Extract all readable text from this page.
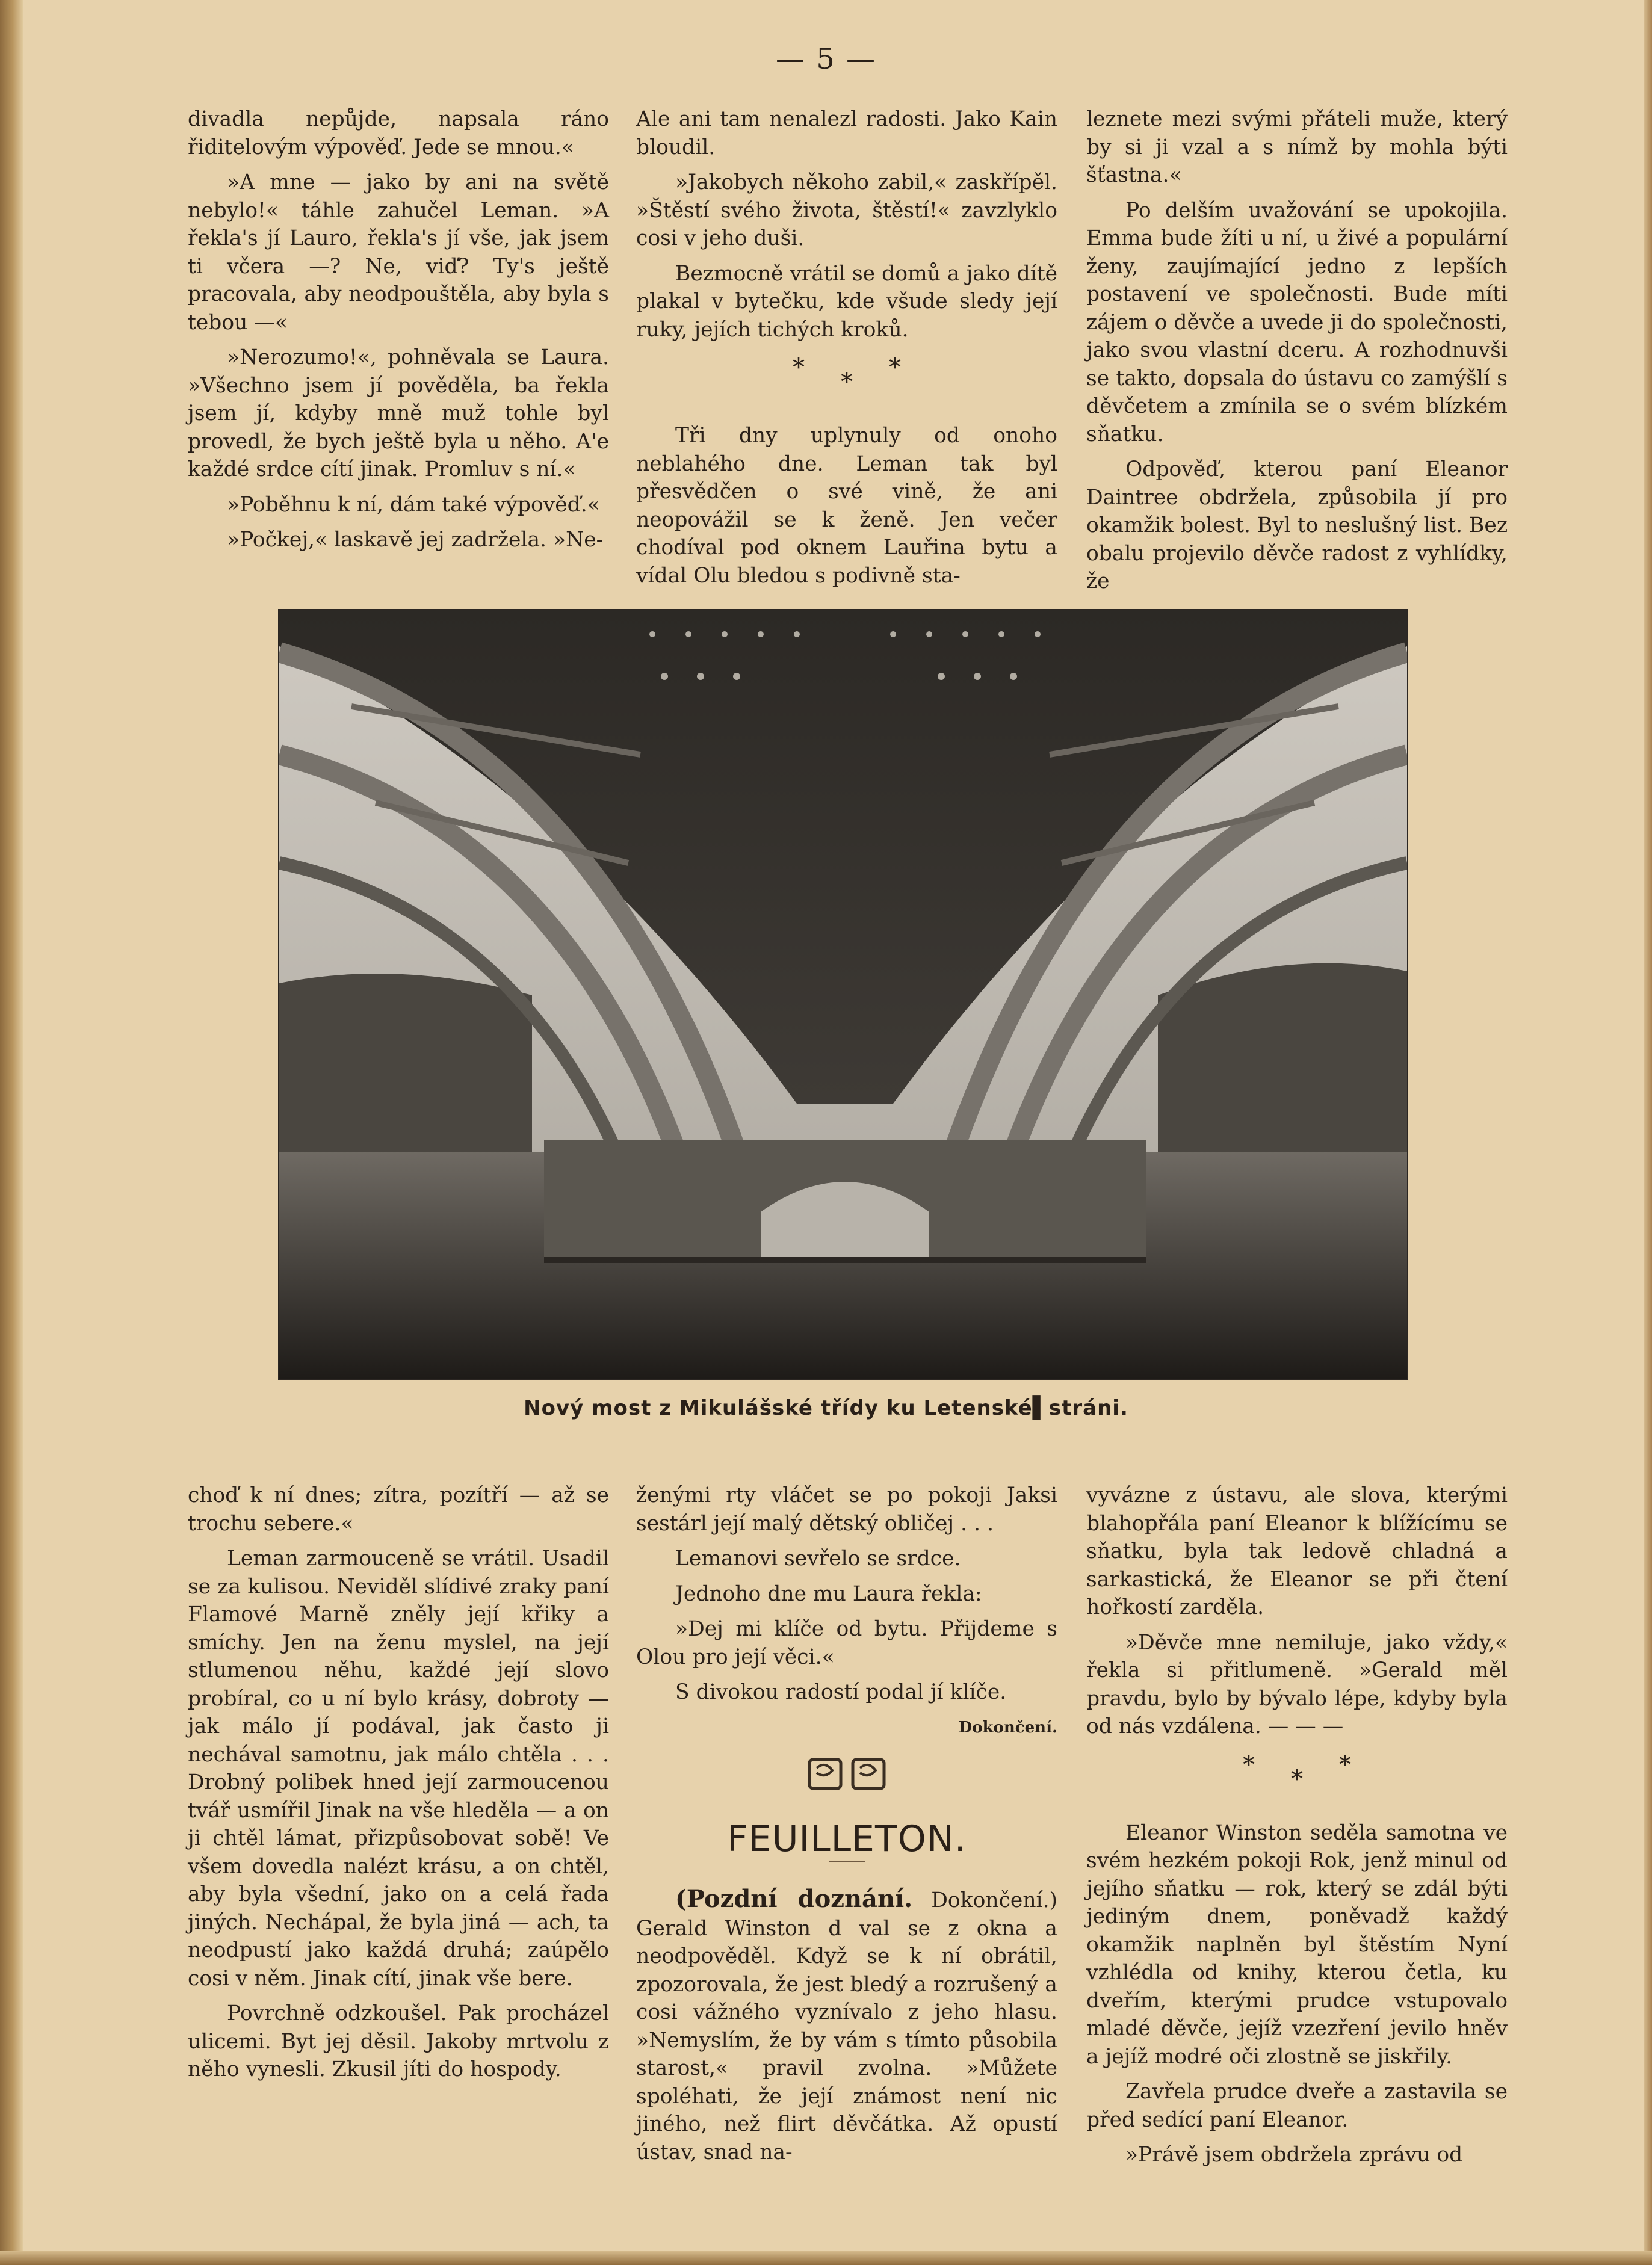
— 5 —

divadla nepůjde, napsala ráno řiditelovým výpověď. Jede se mnou.«

»A mne — jako by ani na světě nebylo!« táhle zahučel Leman. »A řekla's jí Lauro, řekla's jí vše, jak jsem ti včera —? Ne, viď? Ty's ještě pracovala, aby neodpouštěla, aby byla s tebou —«

»Nerozumo!«, pohněvala se Laura. »Všechno jsem jí pověděla, ba řekla jsem jí, kdyby mně muž tohle byl provedl, že bych ještě byla u něho. A'e každé srdce cítí jinak. Promluv s ní.«

»Poběhnu k ní, dám také výpověď.«

»Počkej,« laskavě jej zadržela. »Ne-

Ale ani tam nenalezl radosti. Jako Kain bloudil.

»Jakobych někoho zabil,« zaskřípěl. »Štěstí svého života, štěstí!« zavzlyklo cosi v jeho duši.

Bezmocně vrátil se domů a jako dítě plakal v bytečku, kde všude sledy její ruky, jejích tichých kroků.

***

Tři dny uplynuly od onoho neblahého dne. Leman tak byl přesvědčen o své vině, že ani neopovážil se k ženě. Jen večer chodíval pod oknem Lauřina bytu a vídal Olu bledou s podivně sta-

leznete mezi svými přáteli muže, který by si ji vzal a s nímž by mohla býti šťastna.«

Po delším uvažování se upokojila. Emma bude žíti u ní, u živé a populární ženy, zaujímající jedno z lepších postavení ve společnosti. Bude míti zájem o děvče a uvede ji do společnosti, jako svou vlastní dceru. A rozhodnuvši se takto, dopsala do ústavu co zamýšlí s děvčetem a zmínila se o svém blízkém sňatku.

Odpověď, kterou paní Eleanor Daintree obdržela, způsobila jí pro okamžik bolest. Byl to neslušný list. Bez obalu projevilo děvče radost z vyhlídky, že

Nový most z Mikulášské třídy ku Letenské▌stráni.

choď k ní dnes; zítra, pozítří — až se trochu sebere.«

Leman zarmouceně se vrátil. Usadil se za kulisou. Neviděl slídivé zraky paní Flamové Marně zněly její křiky a smíchy. Jen na ženu myslel, na její stlumenou něhu, každé její slovo probíral, co u ní bylo krásy, dobroty — jak málo jí podával, jak často ji nechával samotnu, jak málo chtěla . . . Drobný polibek hned její zarmoucenou tvář usmířil Jinak na vše hleděla — a on ji chtěl lámat, přizpůsobovat sobě! Ve všem dovedla nalézt krásu, a on chtěl, aby byla všední, jako on a celá řada jiných. Nechápal, že byla jiná — ach, ta neodpustí jako každá druhá; zaúpělo cosi v něm. Jinak cítí, jinak vše bere.

Povrchně odzkoušel. Pak procházel ulicemi. Byt jej děsil. Jakoby mrtvolu z něho vynesli. Zkusil jíti do hospody.

ženými rty vláčet se po pokoji Jaksi sestárl její malý dětský obličej . . .

Lemanovi sevřelo se srdce.

Jednoho dne mu Laura řekla:

»Dej mi klíče od bytu. Přijdeme s Olou pro její věci.«

S divokou radostí podal jí klíče.

Dokončení.
FEUILLETON.

(Pozdní doznání. Dokončení.) Gerald Winston d val se z okna a neodpověděl. Když se k ní obrátil, zpozorovala, že jest bledý a rozrušený a cosi vážného vyznívalo z jeho hlasu. »Nemyslím, že by vám s tímto působila starost,« pravil zvolna. »Můžete spoléhati, že její známost není nic jiného, než flirt děvčátka. Až opustí ústav, snad na-

vyvázne z ústavu, ale slova, kterými blahopřála paní Eleanor k blížícímu se sňatku, byla tak ledově chladná a sarkastická, že Eleanor se při čtení hořkostí zarděla.

»Děvče mne nemiluje, jako vždy,« řekla si přitlumeně. »Gerald měl pravdu, bylo by bývalo lépe, kdyby byla od nás vzdálena. — — —

***

Eleanor Winston seděla samotna ve svém hezkém pokoji Rok, jenž minul od jejího sňatku — rok, který se zdál býti jediným dnem, poněvadž každý okamžik naplněn byl štěstím Nyní vzhlédla od knihy, kterou četla, ku dveřím, kterými prudce vstupovalo mladé děvče, jejíž vzezření jevilo hněv a jejíž modré oči zlostně se jiskřily.

Zavřela prudce dveře a zastavila se před sedící paní Eleanor.

»Právě jsem obdržela zprávu od
